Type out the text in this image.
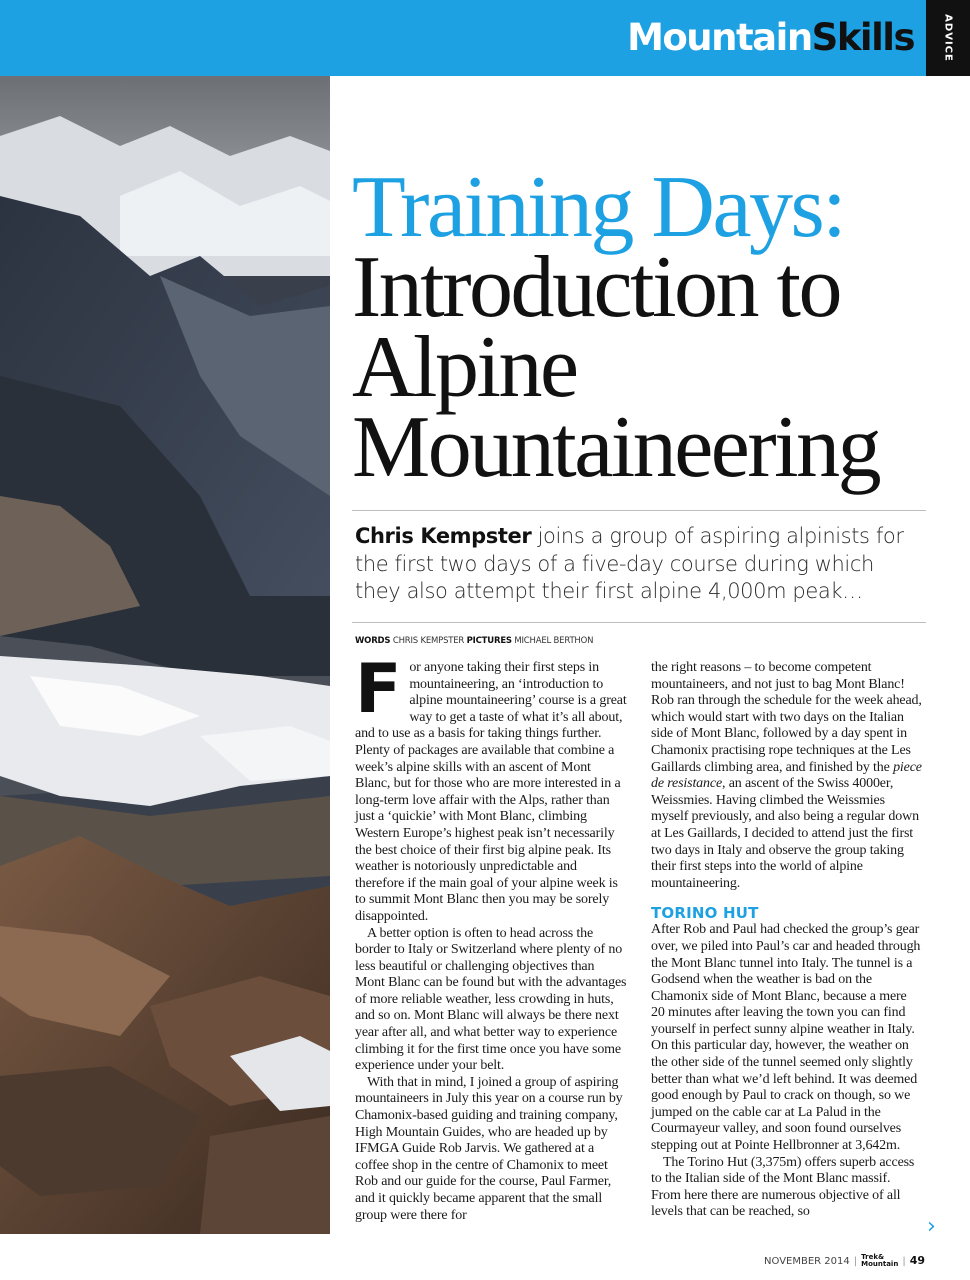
MountainSkills	ADVICE
Training Days:
Introduction to Alpine Mountaineering

Chris Kempster joins a group of aspiring alpinists for the first two days of a five-day course during which they also attempt their first alpine 4,000m peak…

WORDS CHRIS KEMPSTER PICTURES MICHAEL BERTHON

For anyone taking their first steps in mountaineering, an ‘introduction to alpine mountaineering’ course is a great way to get a taste of what it’s all about, and to use as a basis for taking things further. Plenty of packages are available that combine a week’s alpine skills with an ascent of Mont Blanc, but for those who are more interested in a long-term love affair with the Alps, rather than just a ‘quickie’ with Mont Blanc, climbing Western Europe’s highest peak isn’t necessarily the best choice of their first big alpine peak. Its weather is notoriously unpredictable and therefore if the main goal of your alpine week is to summit Mont Blanc then you may be sorely disappointed.

A better option is often to head across the border to Italy or Switzerland where plenty of no less beautiful or challenging objectives than Mont Blanc can be found but with the advantages of more reliable weather, less crowding in huts, and so on. Mont Blanc will always be there next year after all, and what better way to experience climbing it for the first time once you have some experience under your belt.

With that in mind, I joined a group of aspiring mountaineers in July this year on a course run by Chamonix-based guiding and training company, High Mountain Guides, who are headed up by IFMGA Guide Rob Jarvis. We gathered at a coffee shop in the centre of Chamonix to meet Rob and our guide for the course, Paul Farmer, and it quickly became apparent that the small group were there for

the right reasons – to become competent mountaineers, and not just to bag Mont Blanc! Rob ran through the schedule for the week ahead, which would start with two days on the Italian side of Mont Blanc, followed by a day spent in Chamonix practising rope techniques at the Les Gaillards climbing area, and finished by the piece de resistance, an ascent of the Swiss 4000er, Weissmies. Having climbed the Weissmies myself previously, and also being a regular down at Les Gaillards, I decided to attend just the first two days in Italy and observe the group taking their first steps into the world of alpine mountaineering.

TORINO HUT

After Rob and Paul had checked the group’s gear over, we piled into Paul’s car and headed through the Mont Blanc tunnel into Italy. The tunnel is a Godsend when the weather is bad on the Chamonix side of Mont Blanc, because a mere 20 minutes after leaving the town you can find yourself in perfect sunny alpine weather in Italy. On this particular day, however, the weather on the other side of the tunnel seemed only slightly better than what we’d left behind. It was deemed good enough by Paul to crack on though, so we jumped on the cable car at La Palud in the Courmayeur valley, and soon found ourselves stepping out at Pointe Hellbronner at 3,642m.

The Torino Hut (3,375m) offers superb access to the Italian side of the Mont Blanc massif. From here there are numerous objective of all levels that can be reached, so

›
NOVEMBER 2014 | Trek&
Mountain | 49
